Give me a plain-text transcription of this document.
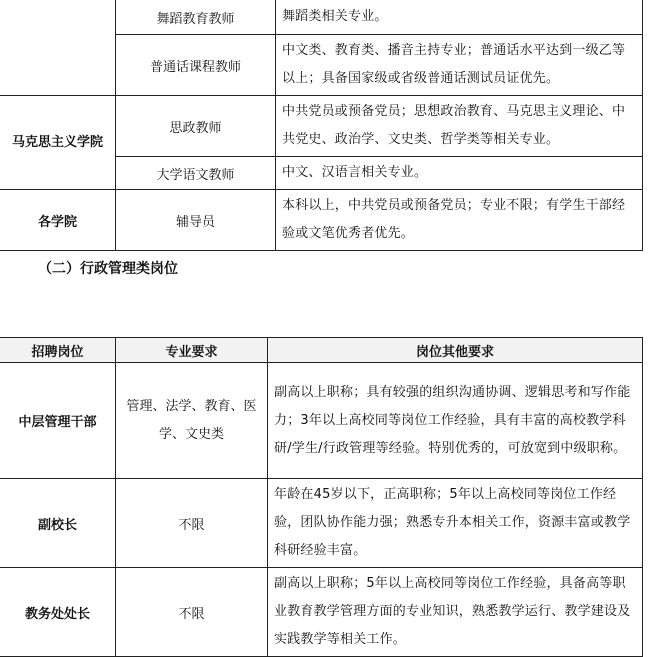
	舞蹈教育教师	舞蹈类相关专业。
	普通话课程教师	中文类、教育类、播音主持专业；普通话水平达到一级乙等以上；具备国家级或省级普通话测试员证优先。
马克思主义学院	思政教师	中共党员或预备党员；思想政治教育、马克思主义理论、中共党史、政治学、文史类、哲学类等相关专业。
	大学语文教师	中文、汉语言相关专业。
各学院	辅导员	本科以上，中共党员或预备党员；专业不限；有学生干部经验或文笔优秀者优先。
（二）行政管理类岗位
招聘岗位	专业要求	岗位其他要求
中层管理干部	管理、法学、教育、医学、文史类	副高以上职称；具有较强的组织沟通协调、逻辑思考和写作能力；3年以上高校同等岗位工作经验，具有丰富的高校教学科研/学生/行政管理等经验。特别优秀的，可放宽到中级职称。
副校长	不限	年龄在45岁以下，正高职称；5年以上高校同等岗位工作经验，团队协作能力强；熟悉专升本相关工作，资源丰富或教学科研经验丰富。
教务处处长	不限	副高以上职称；5年以上高校同等岗位工作经验，具备高等职业教育教学管理方面的专业知识，熟悉教学运行、教学建设及实践教学等相关工作。
